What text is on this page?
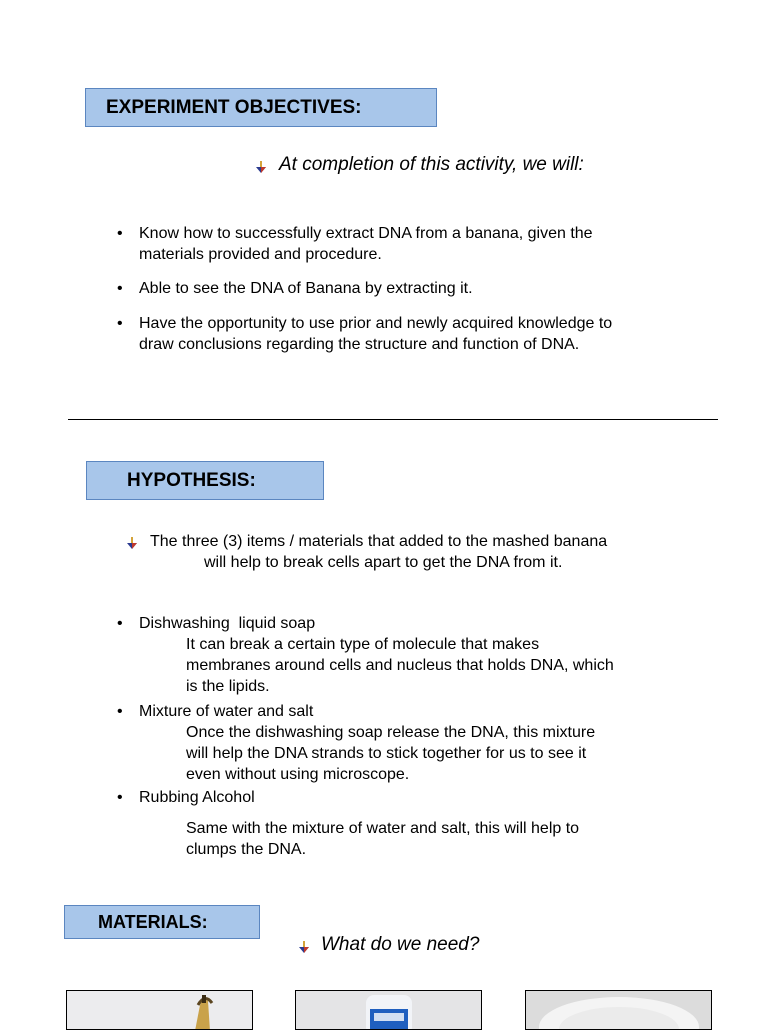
EXPERIMENT OBJECTIVES:
At completion of this activity, we will:
• Know how to successfully extract DNA from a banana, given the
materials provided and procedure.
• Able to see the DNA of Banana by extracting it.
• Have the opportunity to use prior and newly acquired knowledge to
draw conclusions regarding the structure and function of DNA.
HYPOTHESIS:
The three (3) items / materials that added to the mashed banana
will help to break cells apart to get the DNA from it.
• Dishwashing  liquid soap
It can break a certain type of molecule that makes
membranes around cells and nucleus that holds DNA, which
is the lipids.
• Mixture of water and salt
Once the dishwashing soap release the DNA, this mixture
will help the DNA strands to stick together for us to see it
even without using microscope.
• Rubbing Alcohol
Same with the mixture of water and salt, this will help to
clumps the DNA.
MATERIALS:
What do we need?
